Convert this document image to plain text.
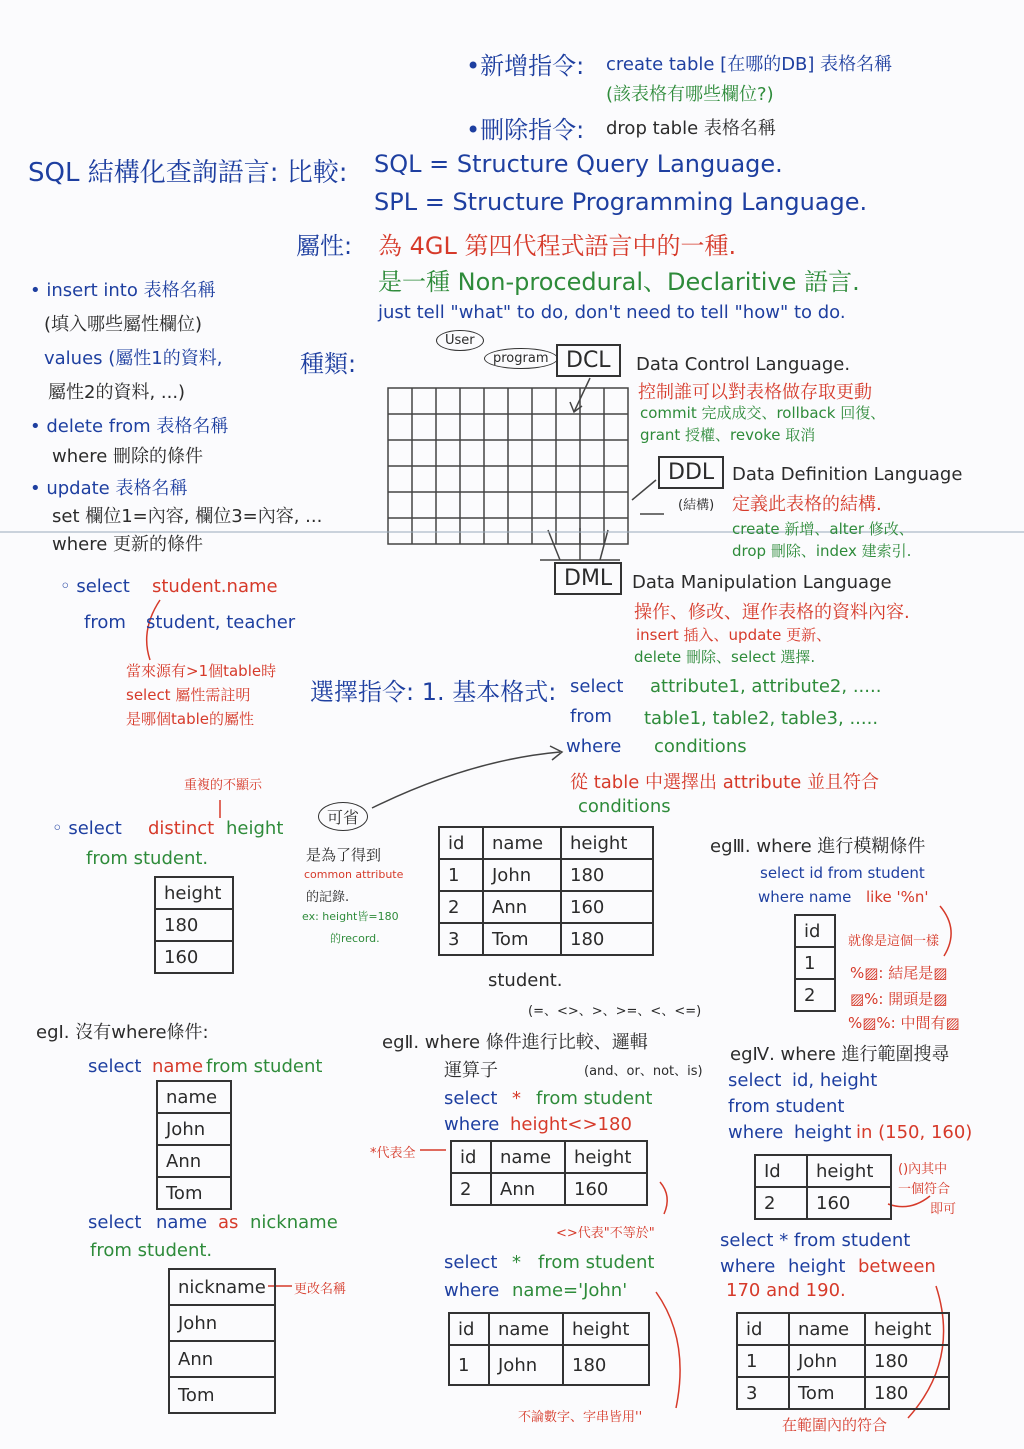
•新增指令: create table [在哪的DB] 表格名稱
(該表格有哪些欄位?)
•刪除指令: drop table 表格名稱
SQL 結構化查詢語言: 比較: SQL = Structure Query Language.
SPL = Structure Programming Language.
屬性: 為 4GL 第四代程式語言中的一種.
是一種 Non-procedural、Declaritive 語言.
just tell "what" to do, don't need to tell "how" to do.
• insert into 表格名稱
(填入哪些屬性欄位)
values (屬性1的資料,
屬性2的資料, ...)
• delete from 表格名稱
where 刪除的條件
• update 表格名稱
set 欄位1=內容, 欄位3=內容, ...
where 更新的條件
種類:
User
program DCL	Data Control Language.
控制誰可以對表格做存取更動
commit 完成成交、rollback 回復、
grant 授權、revoke 取消
DDL
(結構)
Data Definition Language
定義此表格的結構.
create 新增、alter 修改、
drop 刪除、index 建索引.
DML	Data Manipulation Language
操作、修改、運作表格的資料內容.
insert 插入、update 更新、
delete 刪除、select 選擇.
◦ select student.name
from student, teacher
當來源有>1個table時
select 屬性需註明
是哪個table的屬性
選擇指令: 1. 基本格式: select attribute1, attribute2, .....
from table1, table2, table3, .....
where conditions
從 table 中選擇出 attribute 並且符合
conditions
重複的不顯示
◦ select distinct height
from student.
height
180
160
可省
是為了得到
common attribute
的記錄.
ex: height皆=180
的record.
id	name	height
1	John	180
2	Ann	160
3	Tom	180
student.
(=、<>、>、>=、<、<=)
egⅢ. where 進行模糊條件
select id from student
where name like '%n'
id
1
2
就像是這個一樣
%▨: 結尾是▨
▨%: 開頭是▨
%▨%: 中間有▨
egⅠ. 沒有where條件:
select name from student
name
John
Ann
Tom
select name as nickname
from student.
nickname
John
Ann
Tom
更改名稱
egⅡ. where 條件進行比較、邏輯
運算子	(and、or、not、is)
select * from student
where height<>180
*代表全 id	name	height
2	Ann	160
<>代表"不等於"
select * from student
where name='John'
id	name	height
1	John	180
不論數字、字串皆用''
egⅣ. where 進行範圍搜尋
select id, height
from student
where height in (150, 160)
Id	height
2	160
()內其中
一個符合
即可
select * from student
where height between
170 and 190.
id	name	height
1	John	180
3	Tom	180
在範圍內的符合
